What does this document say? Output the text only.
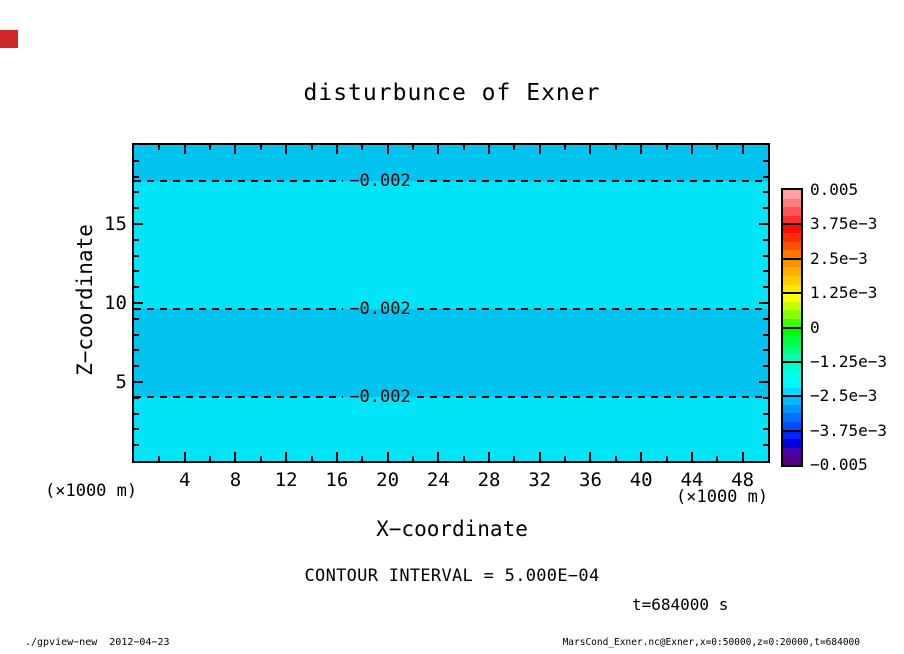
disturbunce of Exner
−0.002
−0.002
−0.002
Z−coordinate
X−coordinate
(×1000 m)	(×1000 m)
CONTOUR INTERVAL = 5.000E−04
t=684000 s
./gpview−new  2012−04−23	MarsCond_Exner.nc@Exner,x=0:50000,z=0:20000,t=684000
4	8	12	16	20	24	28	32	36	40	44	48
5
10
15
0.005
3.75e−3
2.5e−3
1.25e−3
0
−1.25e−3
−2.5e−3
−3.75e−3
−0.005
